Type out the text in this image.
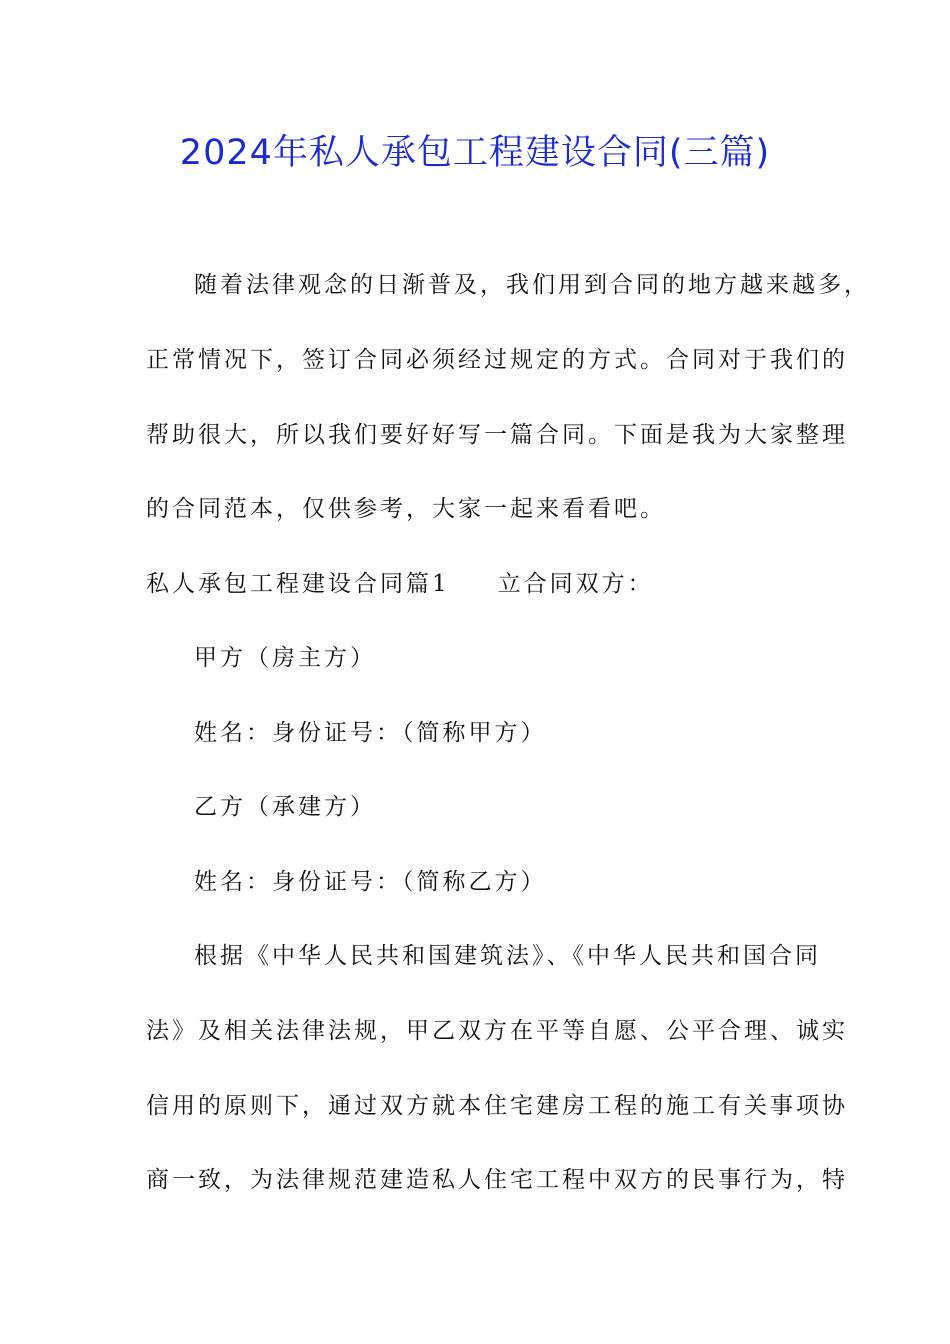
2024年私人承包工程建设合同(三篇)

随着法律观念的日渐普及，我们用到合同的地方越来越多，

正常情况下，签订合同必须经过规定的方式。合同对于我们的

帮助很大，所以我们要好好写一篇合同。下面是我为大家整理

的合同范本，仅供参考，大家一起来看看吧。

私人承包工程建设合同篇1 立合同双方：

甲方（房主方）

姓名：身份证号：（简称甲方）

乙方（承建方）

姓名：身份证号：（简称乙方）

根据《中华人民共和国建筑法》、《中华人民共和国合同

法》及相关法律法规，甲乙双方在平等自愿、公平合理、诚实

信用的原则下，通过双方就本住宅建房工程的施工有关事项协

商一致，为法律规范建造私人住宅工程中双方的民事行为，特
